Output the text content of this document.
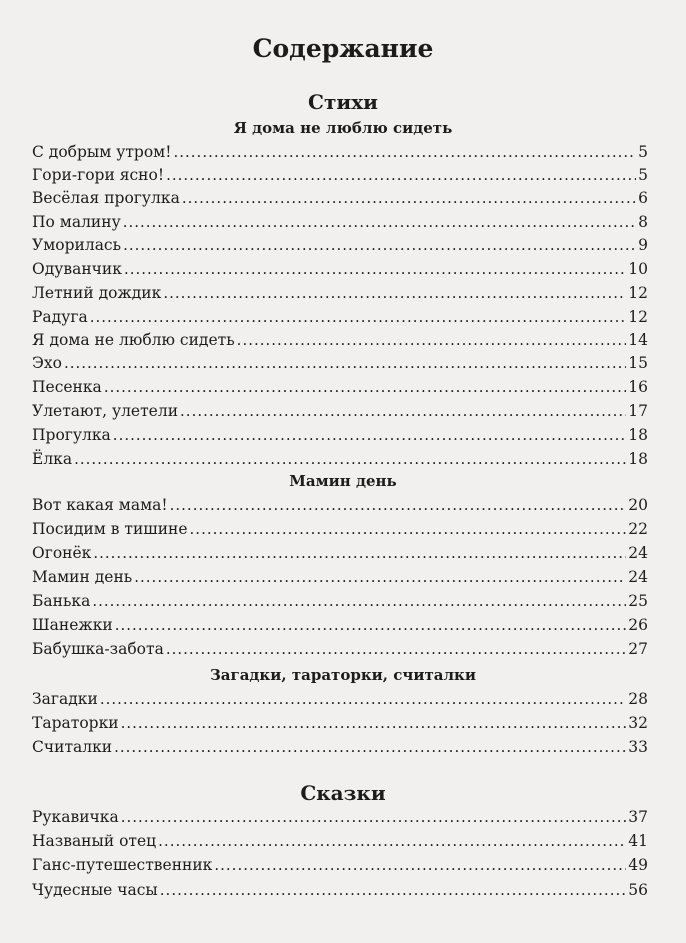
Содержание
Стихи
Я дома не люблю сидеть
С добрым утром! .....	5
Гори-гори ясно! .....	5
Весёлая прогулка .....	6
По малину .....	8
Уморилась .....	9
Одуванчик .....	10
Летний дождик .....	12
Радуга .....	12
Я дома не люблю сидеть .....	14
Эхо .....	15
Песенка .....	16
Улетают, улетели .....	17
Прогулка .....	18
Ёлка .....	18
Мамин день
Вот какая мама! .....	20
Посидим в тишине .....	22
Огонёк .....	24
Мамин день .....	24
Банька .....	25
Шанежки .....	26
Бабушка-забота .....	27
Загадки, тараторки, считалки
Загадки .....	28
Тараторки .....	32
Считалки .....	33
Сказки
Рукавичка .....	37
Названый отец .....	41
Ганс-путешественник .....	49
Чудесные часы .....	56
